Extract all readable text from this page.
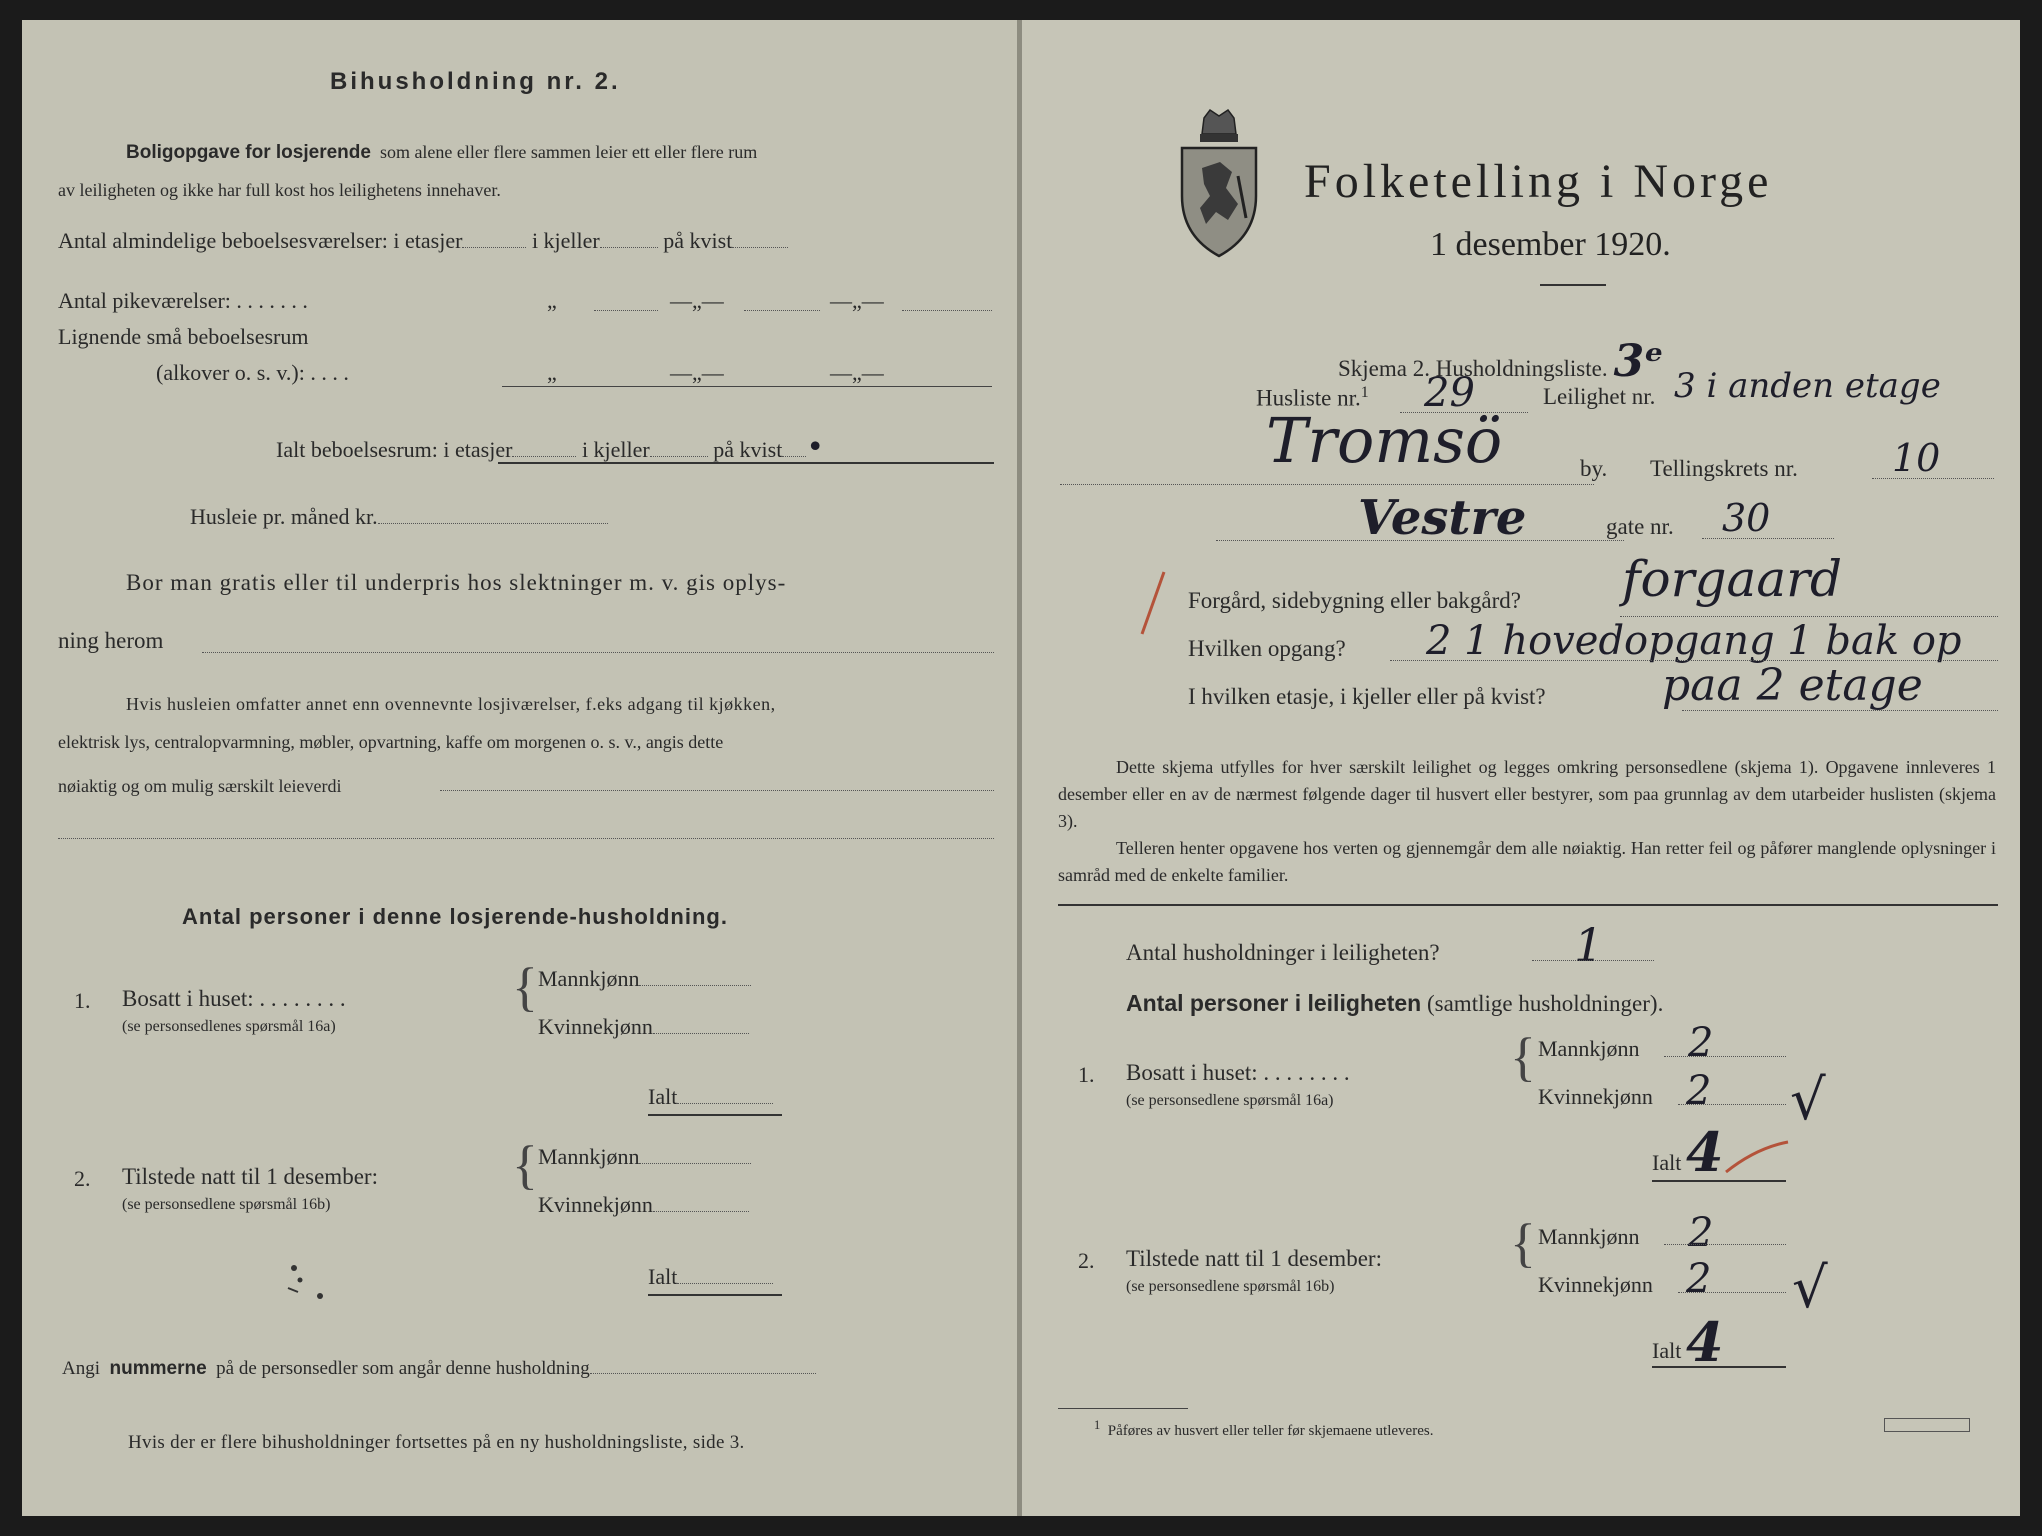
Bihusholdning nr. 2.
Boligopgave for losjerende som alene eller flere sammen leier ett eller flere rum
av leiligheten og ikke har full kost hos leilighetens innehaver.
Antal almindelige beboelsesværelser: i etasjer	i kjeller	på kvist
Antal pikeværelser: . . . . . . .	„	—„—	—„—
Lignende små beboelsesrum
(alkover o. s. v.): . . . .	„	—„—	—„—
Ialt beboelsesrum: i etasjer	i kjeller	på kvist •
Husleie pr. måned kr.
Bor man gratis eller til underpris hos slektninger m. v. gis oplys-
ning herom
Hvis husleien omfatter annet enn ovennevnte losjiværelser, f.eks adgang til kjøkken,
elektrisk lys, centralopvarmning, møbler, opvartning, kaffe om morgenen o. s. v., angis dette
nøiaktig og om mulig særskilt leieverdi
Antal personer i denne losjerende-husholdning.
1. Bosatt i huset: . . . . . . . .
(se personsedlenes spørsmål 16a)
{ Mannkjønn
Kvinnekjønn
Ialt
2. Tilstede natt til 1 desember:
(se personsedlene spørsmål 16b)
{ Mannkjønn
Kvinnekjønn
Ialt
Angi nummerne på de personsedler som angår denne husholdning
Hvis der er flere bihusholdninger fortsettes på en ny husholdningsliste, side 3.
Folketelling i Norge
1 desember 1920.
Skjema 2. Husholdningsliste. 3ᵉ
Husliste nr.$^1$ 29	Leilighet nr. 3 i anden etage
Tromsö	by. Tellingskrets nr. 10
Vestre	gate nr. 30
Forgård, sidebygning eller bakgård? forgaard
Hvilken opgang? 2 1 hovedopgang 1 bak op
I hvilken etasje, i kjeller eller på kvist?	paa 2 etage
Dette skjema utfylles for hver særskilt leilighet og legges omkring personsedlene (skjema 1). Opgavene innleveres 1 desember eller en av de nærmest følgende dager til husvert eller bestyrer, som paa grunnlag av dem utarbeider huslisten (skjema 3).
Telleren henter opgavene hos verten og gjennemgår dem alle nøiaktig. Han retter feil og påfører manglende oplysninger i samråd med de enkelte familier.
Antal husholdninger i leiligheten?	1
Antal personer i leiligheten (samtlige husholdninger).
1. Bosatt i huset: . . . . . . . .
(se personsedlene spørsmål 16a)
{ Mannkjønn 2
Kvinnekjønn 2 √
Ialt 4
2. Tilstede natt til 1 desember:
(se personsedlene spørsmål 16b)
{ Mannkjønn 2
Kvinnekjønn 2 √
Ialt 4
$^1$ Påføres av husvert eller teller før skjemaene utleveres.
